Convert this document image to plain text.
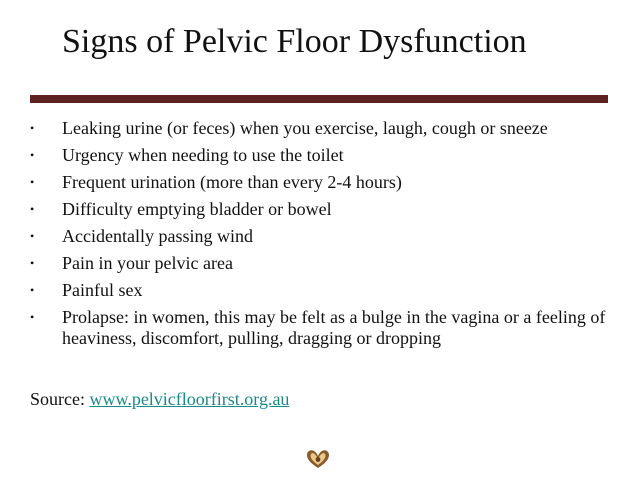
Signs of Pelvic Floor Dysfunction
• Leaking urine (or feces) when you exercise, laugh, cough or sneeze
• Urgency when needing to use the toilet
• Frequent urination (more than every 2-4 hours)
• Difficulty emptying bladder or bowel
• Accidentally passing wind
• Pain in your pelvic area
• Painful sex
• Prolapse: in women, this may be felt as a bulge in the vagina or a feeling of heaviness, discomfort, pulling, dragging or dropping

Source: www.pelvicfloorfirst.org.au
